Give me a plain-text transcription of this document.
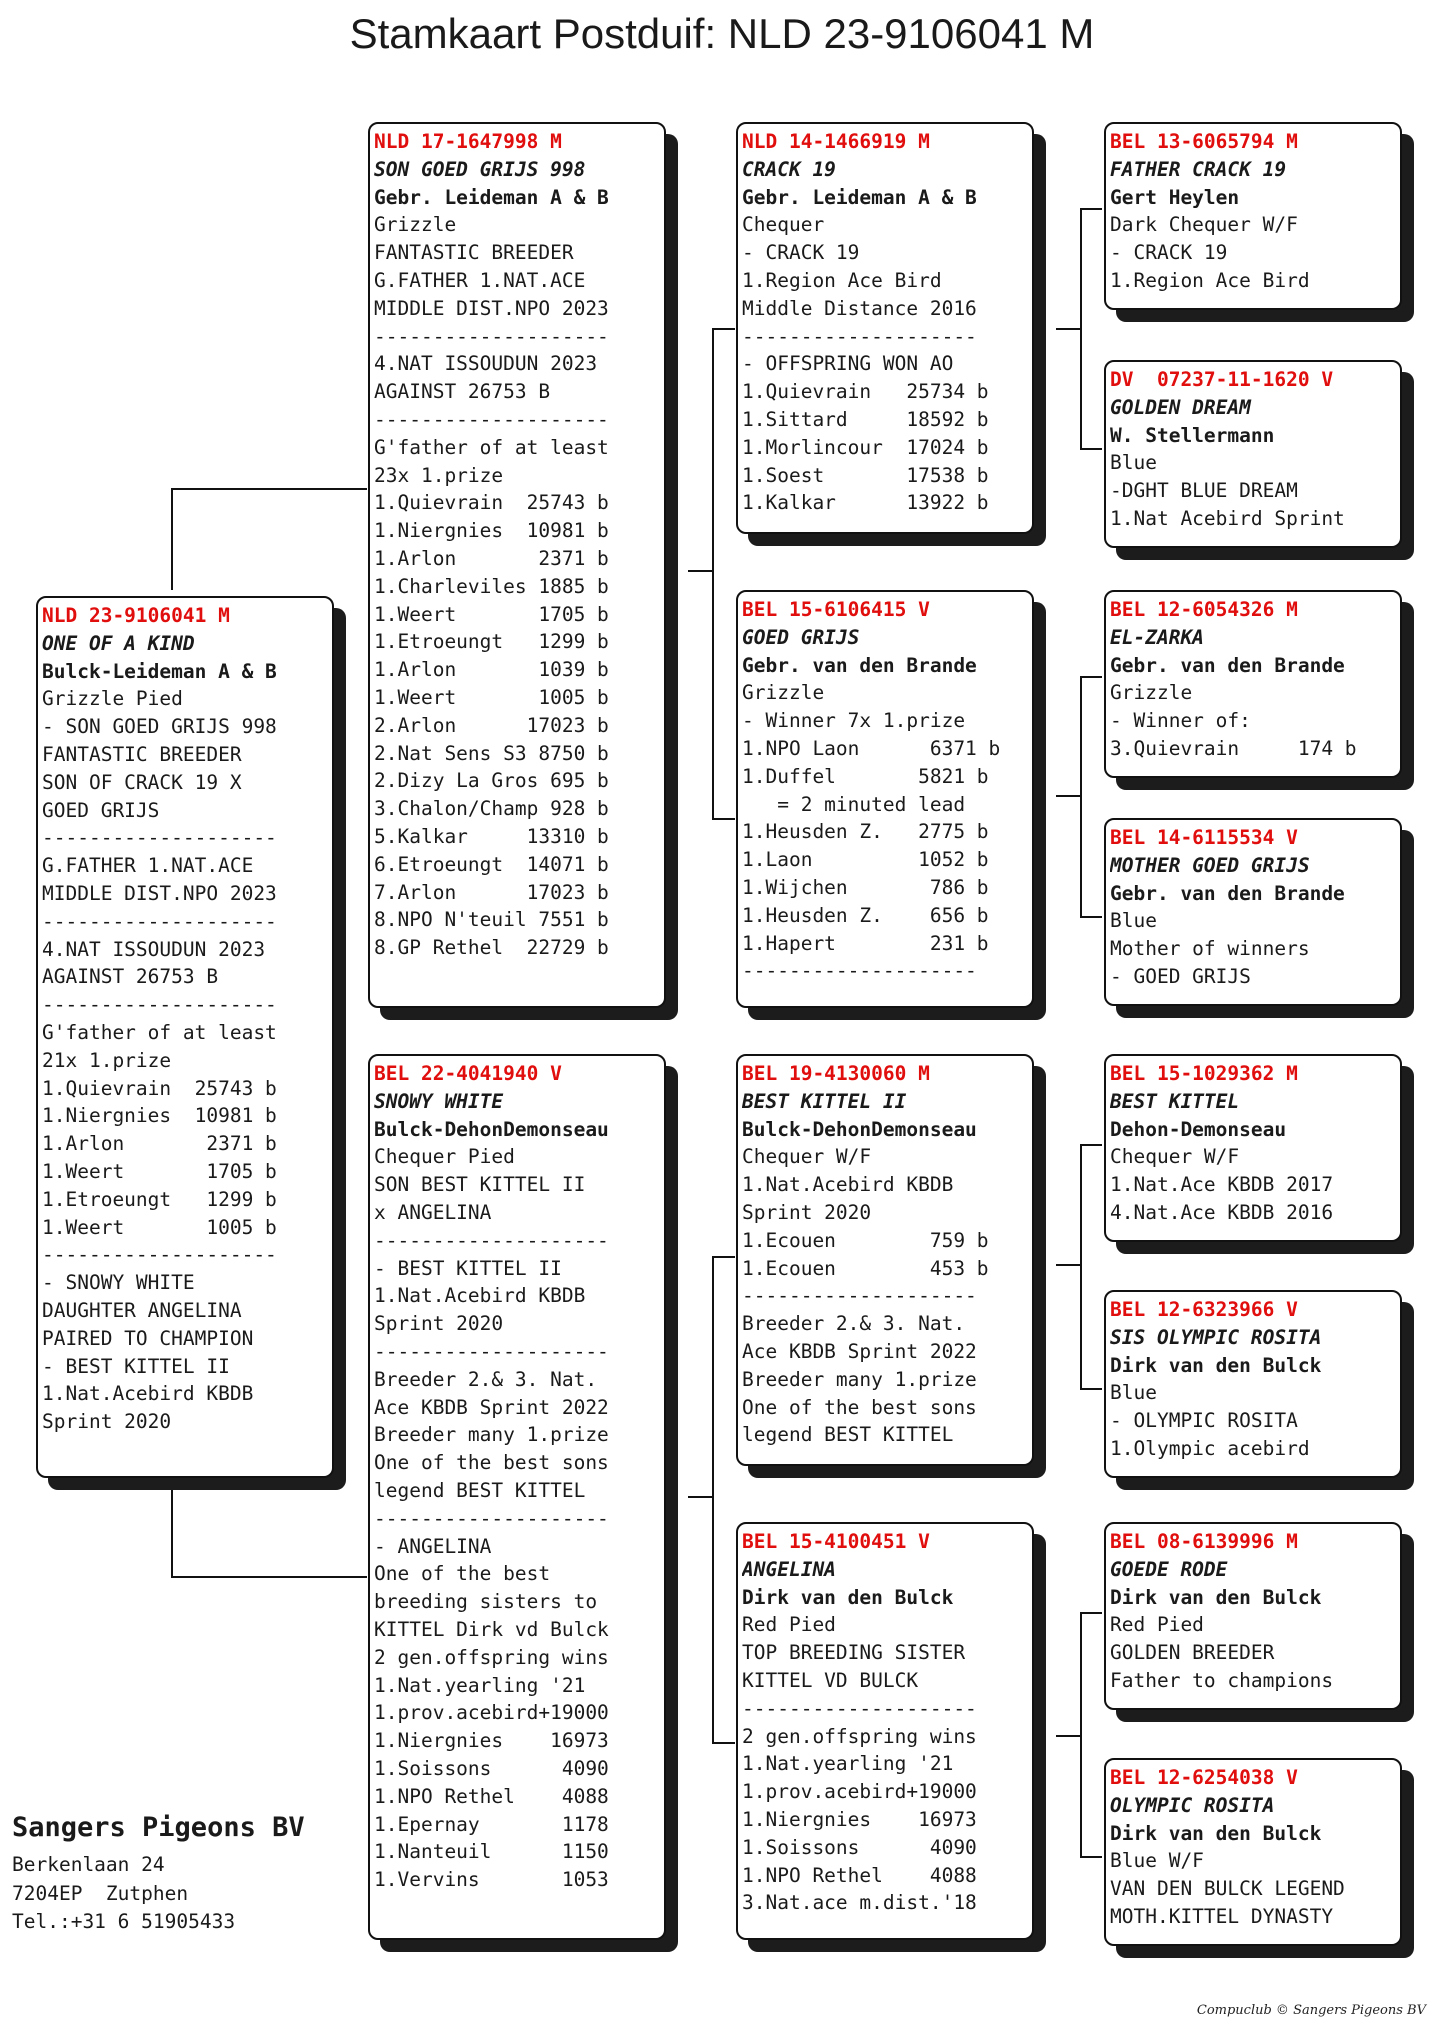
Stamkaart Postduif: NLD 23-9106041 M
NLD 23-9106041 M
ONE OF A KIND
Bulck-Leideman A & B
Grizzle Pied
- SON GOED GRIJS 998
FANTASTIC BREEDER
SON OF CRACK 19 X
GOED GRIJS
--------------------
G.FATHER 1.NAT.ACE
MIDDLE DIST.NPO 2023
--------------------
4.NAT ISSOUDUN 2023
AGAINST 26753 B
--------------------
G'father of at least
21x 1.prize
1.Quievrain  25743 b
1.Niergnies  10981 b
1.Arlon       2371 b
1.Weert       1705 b
1.Etroeungt   1299 b
1.Weert       1005 b
--------------------
- SNOWY WHITE
DAUGHTER ANGELINA
PAIRED TO CHAMPION
- BEST KITTEL II
1.Nat.Acebird KBDB
Sprint 2020
NLD 17-1647998 M
SON GOED GRIJS 998
Gebr. Leideman A & B
Grizzle
FANTASTIC BREEDER
G.FATHER 1.NAT.ACE
MIDDLE DIST.NPO 2023
--------------------
4.NAT ISSOUDUN 2023
AGAINST 26753 B
--------------------
G'father of at least
23x 1.prize
1.Quievrain  25743 b
1.Niergnies  10981 b
1.Arlon       2371 b
1.Charleviles 1885 b
1.Weert       1705 b
1.Etroeungt   1299 b
1.Arlon       1039 b
1.Weert       1005 b
2.Arlon      17023 b
2.Nat Sens S3 8750 b
2.Dizy La Gros 695 b
3.Chalon/Champ 928 b
5.Kalkar     13310 b
6.Etroeungt  14071 b
7.Arlon      17023 b
8.NPO N'teuil 7551 b
8.GP Rethel  22729 b
BEL 22-4041940 V
SNOWY WHITE
Bulck-DehonDemonseau
Chequer Pied
SON BEST KITTEL II
x ANGELINA
--------------------
- BEST KITTEL II
1.Nat.Acebird KBDB
Sprint 2020
--------------------
Breeder 2.& 3. Nat.
Ace KBDB Sprint 2022
Breeder many 1.prize
One of the best sons
legend BEST KITTEL
--------------------
- ANGELINA
One of the best
breeding sisters to
KITTEL Dirk vd Bulck
2 gen.offspring wins
1.Nat.yearling '21
1.prov.acebird+19000
1.Niergnies    16973
1.Soissons      4090
1.NPO Rethel    4088
1.Epernay       1178
1.Nanteuil      1150
1.Vervins       1053
NLD 14-1466919 M
CRACK 19
Gebr. Leideman A & B
Chequer
- CRACK 19
1.Region Ace Bird
Middle Distance 2016
--------------------
- OFFSPRING WON AO
1.Quievrain   25734 b
1.Sittard     18592 b
1.Morlincour  17024 b
1.Soest       17538 b
1.Kalkar      13922 b
BEL 15-6106415 V
GOED GRIJS
Gebr. van den Brande
Grizzle
- Winner 7x 1.prize
1.NPO Laon      6371 b
1.Duffel       5821 b
= 2 minuted lead
1.Heusden Z.   2775 b
1.Laon         1052 b
1.Wijchen       786 b
1.Heusden Z.    656 b
1.Hapert        231 b
--------------------
BEL 19-4130060 M
BEST KITTEL II
Bulck-DehonDemonseau
Chequer W/F
1.Nat.Acebird KBDB
Sprint 2020
1.Ecouen        759 b
1.Ecouen        453 b
--------------------
Breeder 2.& 3. Nat.
Ace KBDB Sprint 2022
Breeder many 1.prize
One of the best sons
legend BEST KITTEL
BEL 15-4100451 V
ANGELINA
Dirk van den Bulck
Red Pied
TOP BREEDING SISTER
KITTEL VD BULCK
--------------------
2 gen.offspring wins
1.Nat.yearling '21
1.prov.acebird+19000
1.Niergnies    16973
1.Soissons      4090
1.NPO Rethel    4088
3.Nat.ace m.dist.'18
BEL 13-6065794 M
FATHER CRACK 19
Gert Heylen
Dark Chequer W/F
- CRACK 19
1.Region Ace Bird
DV  07237-11-1620 V
GOLDEN DREAM
W. Stellermann
Blue
-DGHT BLUE DREAM
1.Nat Acebird Sprint
BEL 12-6054326 M
EL-ZARKA
Gebr. van den Brande
Grizzle
- Winner of:
3.Quievrain     174 b
BEL 14-6115534 V
MOTHER GOED GRIJS
Gebr. van den Brande
Blue
Mother of winners
- GOED GRIJS
BEL 15-1029362 M
BEST KITTEL
Dehon-Demonseau
Chequer W/F
1.Nat.Ace KBDB 2017
4.Nat.Ace KBDB 2016
BEL 12-6323966 V
SIS OLYMPIC ROSITA
Dirk van den Bulck
Blue
- OLYMPIC ROSITA
1.Olympic acebird
BEL 08-6139996 M
GOEDE RODE
Dirk van den Bulck
Red Pied
GOLDEN BREEDER
Father to champions
BEL 12-6254038 V
OLYMPIC ROSITA
Dirk van den Bulck
Blue W/F
VAN DEN BULCK LEGEND
MOTH.KITTEL DYNASTY
Sangers Pigeons BV
Berkenlaan 24
7204EP  Zutphen
Tel.:+31 6 51905433
Compuclub © Sangers Pigeons BV
